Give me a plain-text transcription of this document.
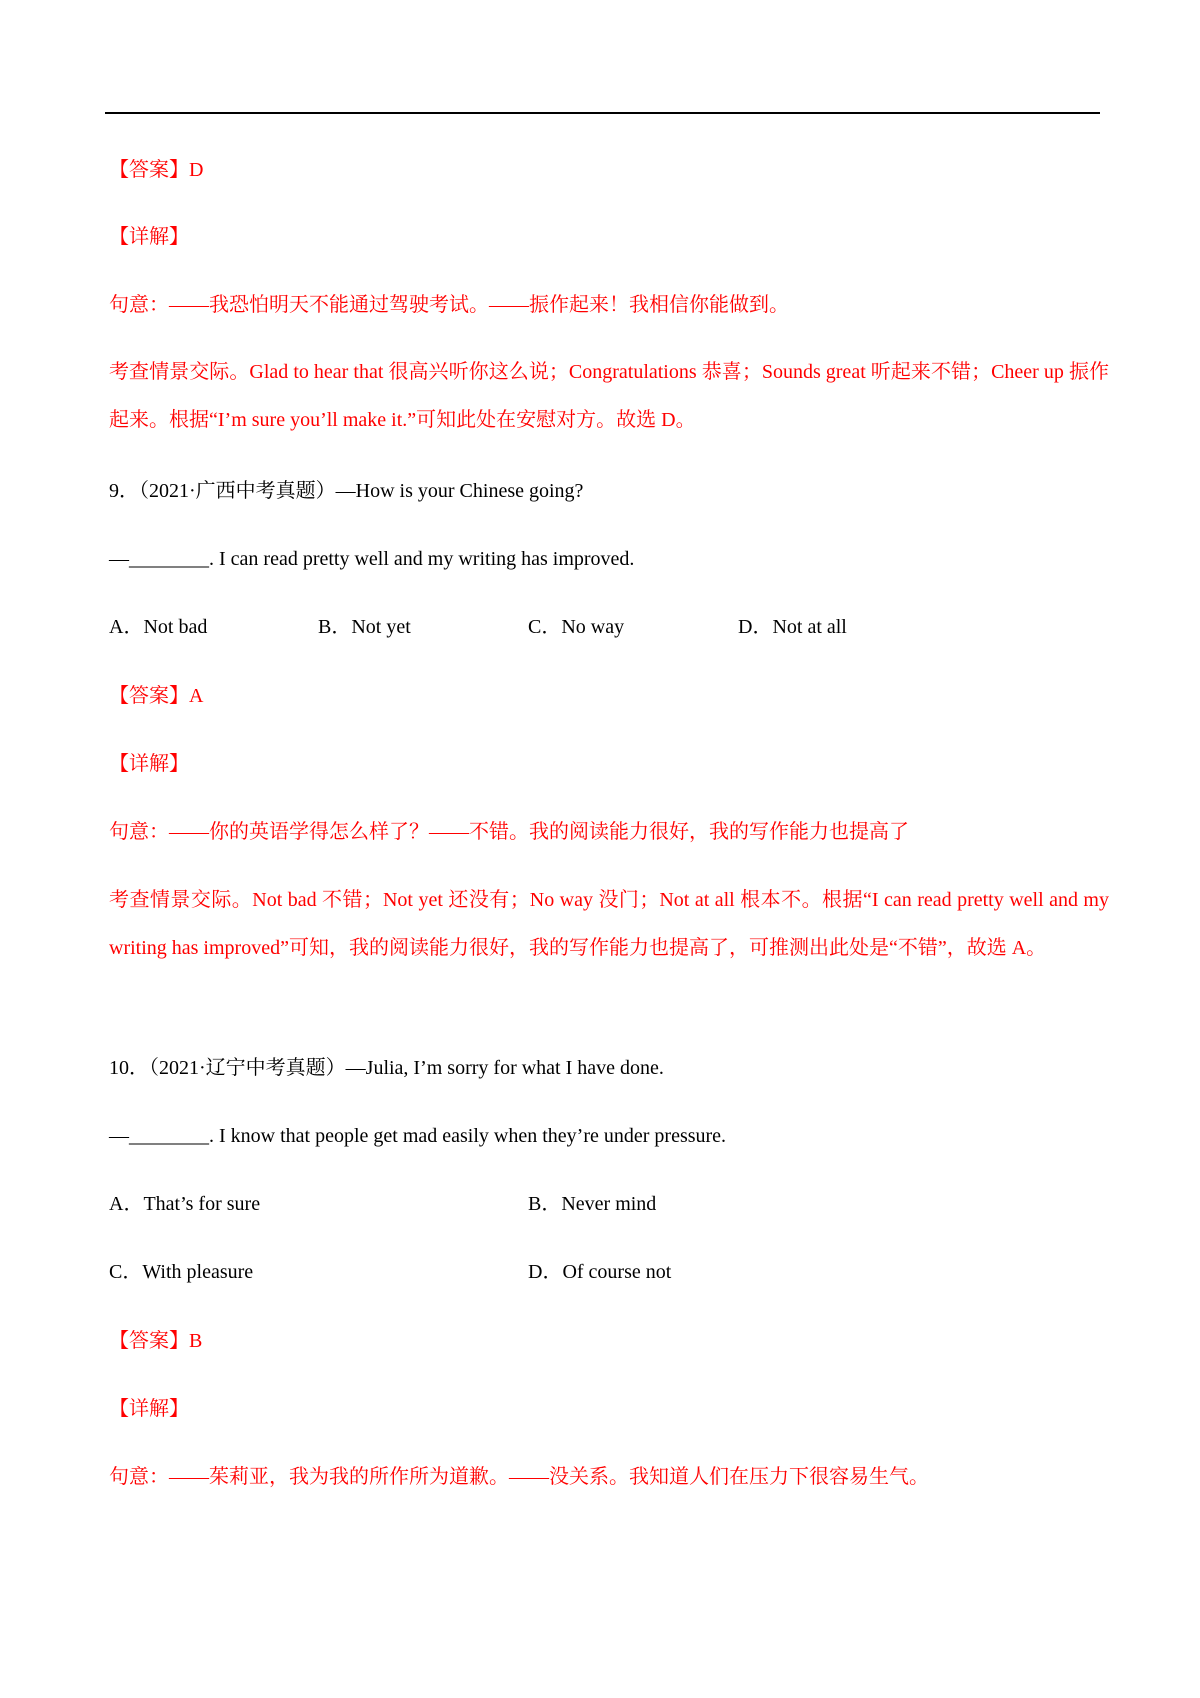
【答案】D
【详解】
句意：——我恐怕明天不能通过驾驶考试。——振作起来！我相信你能做到。
考查情景交际。Glad to hear that 很高兴听你这么说；Congratulations 恭喜；Sounds great 听起来不错；Cheer up 振作起来。根据“I’m sure you’ll make it.”可知此处在安慰对方。故选 D。
9．（2021·广西中考真题）—How is your Chinese going?
—________. I can read pretty well and my writing has improved.
A．Not bad	B．Not yet	C．No way	D．Not at all
【答案】A
【详解】
句意：——你的英语学得怎么样了？——不错。我的阅读能力很好，我的写作能力也提高了
考查情景交际。Not bad 不错；Not yet 还没有；No way 没门；Not at all 根本不。根据“I can read pretty well and my writing has improved”可知，我的阅读能力很好，我的写作能力也提高了，可推测出此处是“不错”，故选 A。
10．（2021·辽宁中考真题）—Julia, I’m sorry for what I have done.
—________. I know that people get mad easily when they’re under pressure.
A．That’s for sure	B．Never mind
C．With pleasure	D．Of course not
【答案】B
【详解】
句意：——茱莉亚，我为我的所作所为道歉。——没关系。我知道人们在压力下很容易生气。
